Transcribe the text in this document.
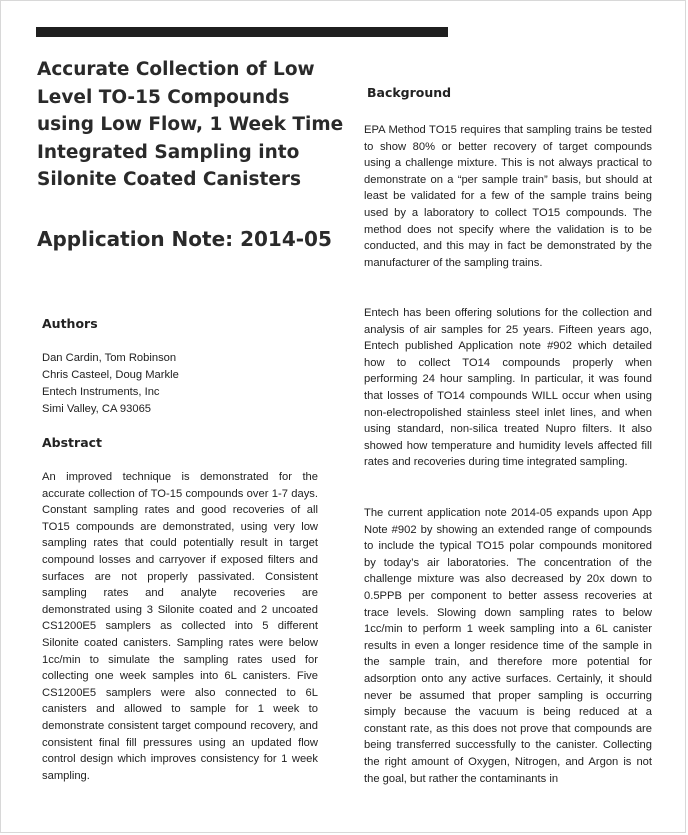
Accurate Collection of Low Level TO-15 Compounds using Low Flow, 1 Week Time Integrated Sampling into Silonite Coated Canisters
Application Note: 2014-05
Authors
Dan Cardin, Tom Robinson
Chris Casteel, Doug Markle
Entech Instruments, Inc
Simi Valley, CA 93065
Abstract

An improved technique is demonstrated for the accurate collection of TO-15 compounds over 1-7 days. Constant sampling rates and good recoveries of all TO15 compounds are demonstrated, using very low sampling rates that could potentially result in target compound losses and carryover if exposed filters and surfaces are not properly passivated. Consistent sampling rates and analyte recoveries are demonstrated using 3 Silonite coated and 2 uncoated CS1200E5 samplers as collected into 5 different Silonite coated canisters. Sampling rates were below 1cc/min to simulate the sampling rates used for collecting one week samples into 6L canisters. Five CS1200E5 samplers were also connected to 6L canisters and allowed to sample for 1 week to demonstrate consistent target compound recovery, and consistent final fill pressures using an updated flow control design which improves consistency for 1 week sampling.

Background

EPA Method TO15 requires that sampling trains be tested to show 80% or better recovery of target compounds using a challenge mixture. This is not always practical to demonstrate on a “per sample train” basis, but should at least be validated for a few of the sample trains being used by a laboratory to collect TO15 compounds. The method does not specify where the validation is to be conducted, and this may in fact be demonstrated by the manufacturer of the sampling trains.

Entech has been offering solutions for the collection and analysis of air samples for 25 years. Fifteen years ago, Entech published Application note #902 which detailed how to collect TO14 compounds properly when performing 24 hour sampling. In particular, it was found that losses of TO14 compounds WILL occur when using non-electropolished stainless steel inlet lines, and when using standard, non-silica treated Nupro filters. It also showed how temperature and humidity levels affected fill rates and recoveries during time integrated sampling.

The current application note 2014-05 expands upon App Note #902 by showing an extended range of compounds to include the typical TO15 polar compounds monitored by today’s air laboratories. The concentration of the challenge mixture was also decreased by 20x down to 0.5PPB per component to better assess recoveries at trace levels. Slowing down sampling rates to below 1cc/min to perform 1 week sampling into a 6L canister results in even a longer residence time of the sample in the sample train, and therefore more potential for adsorption onto any active surfaces. Certainly, it should never be assumed that proper sampling is occurring simply because the vacuum is being reduced at a constant rate, as this does not prove that compounds are being transferred successfully to the canister. Collecting the right amount of Oxygen, Nitrogen, and Argon is not the goal, but rather the contaminants in
